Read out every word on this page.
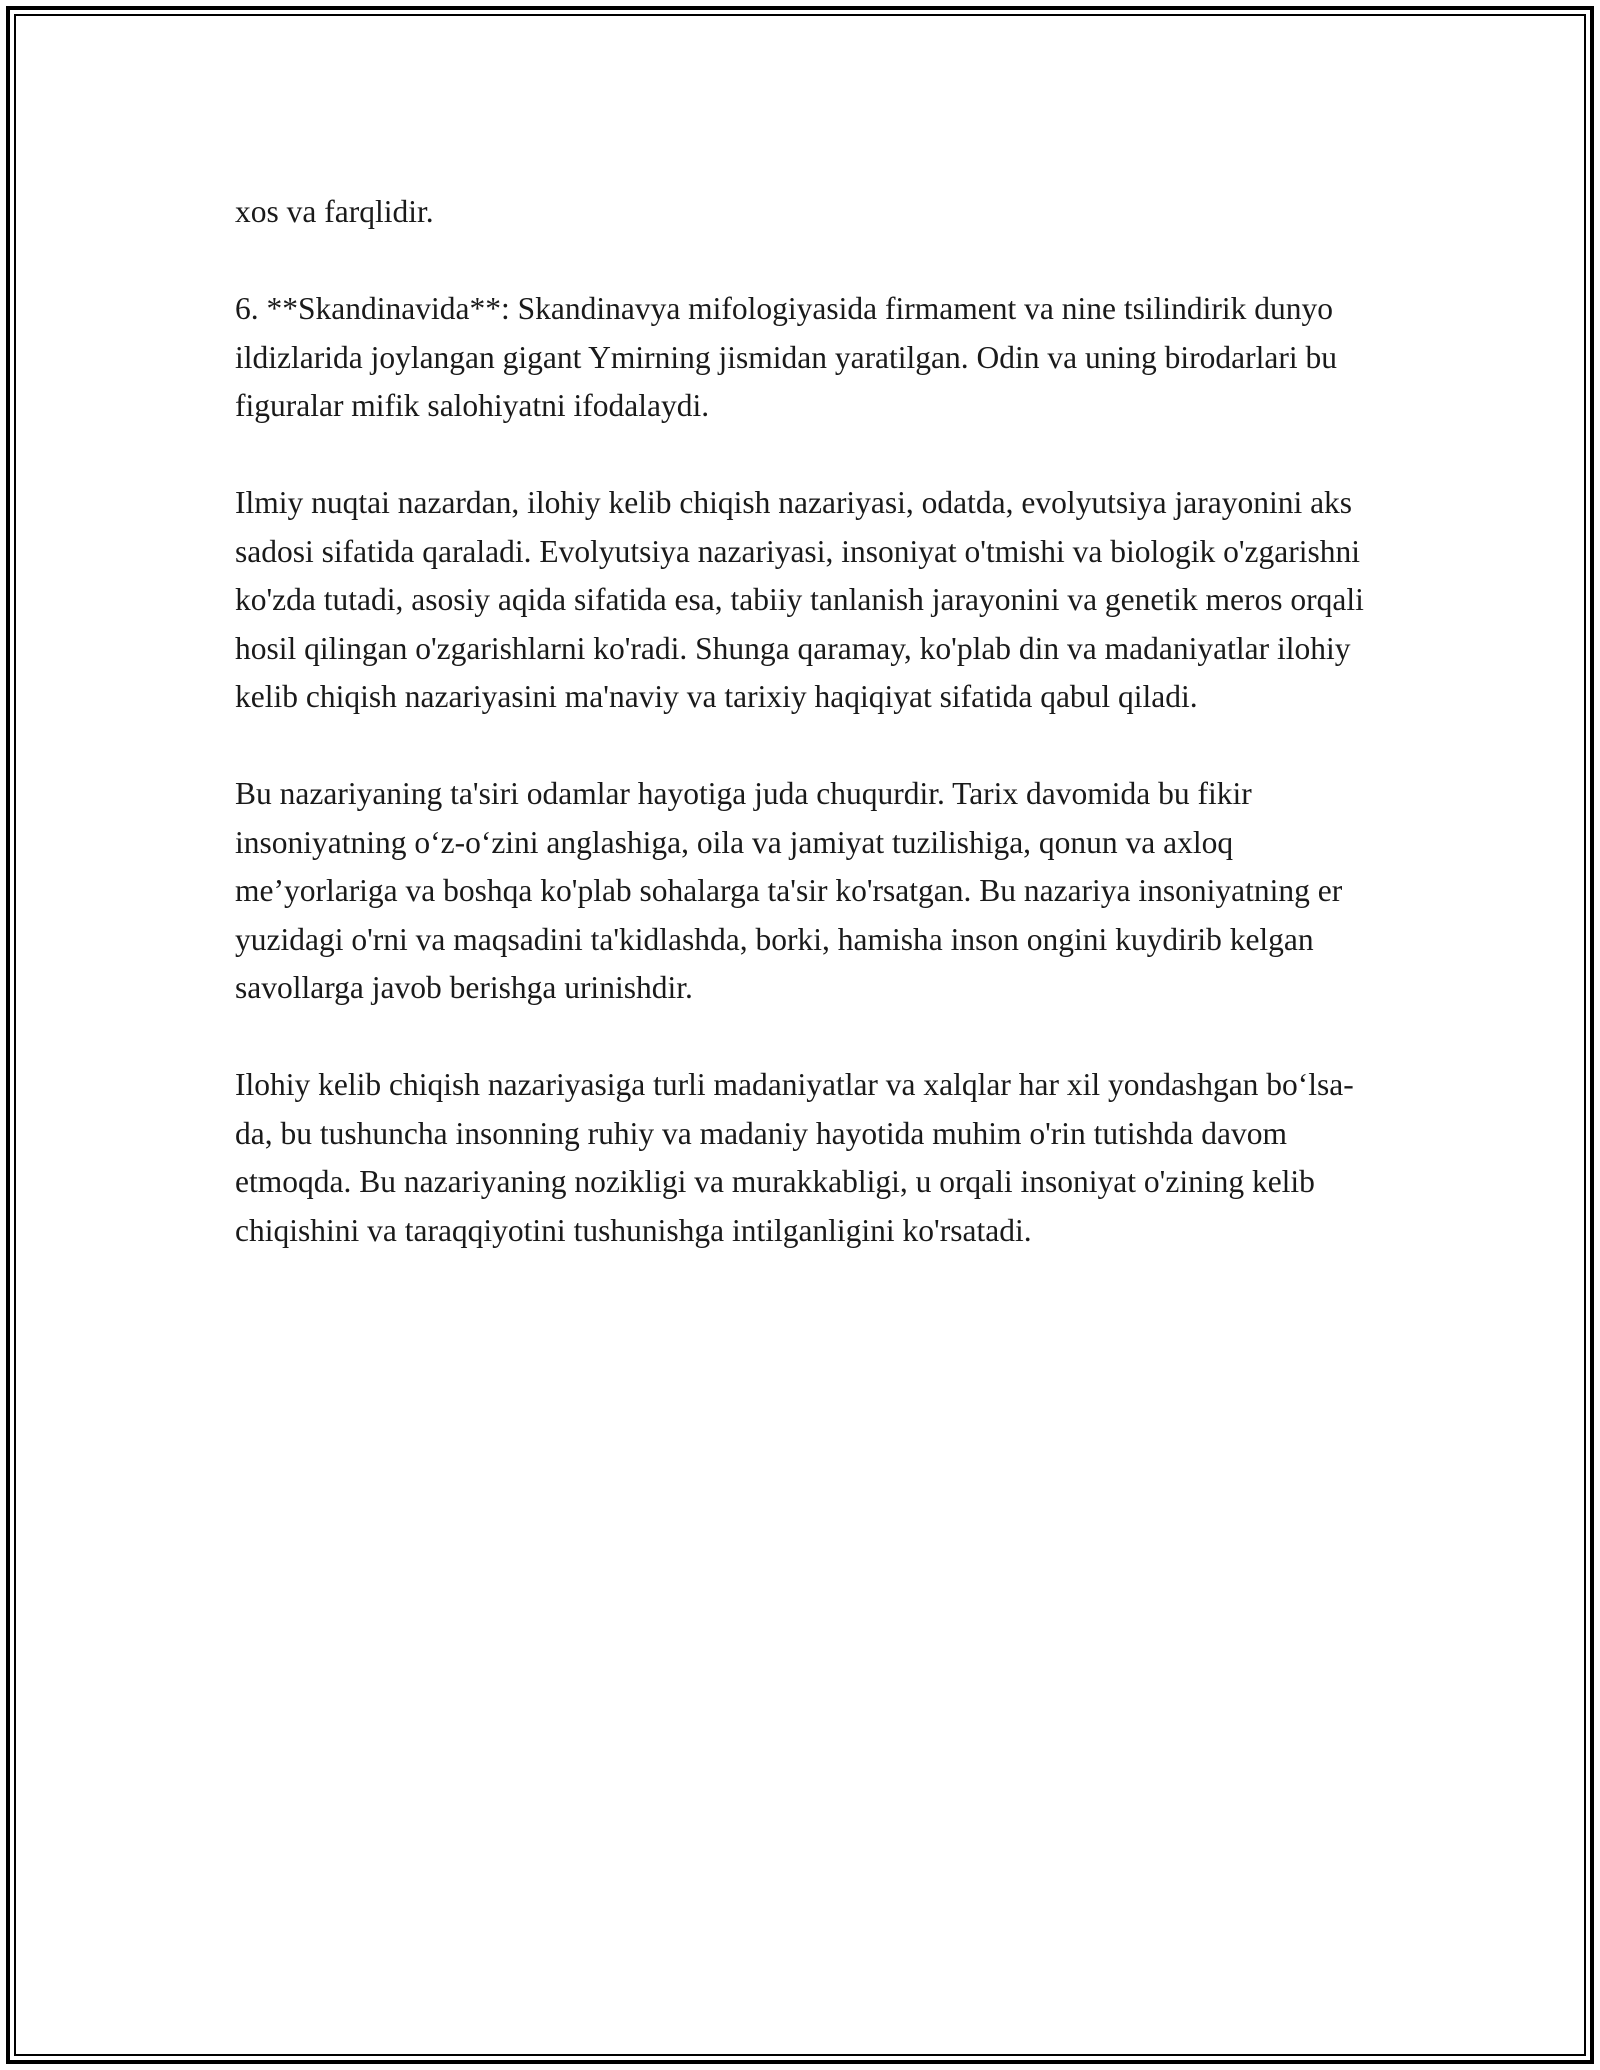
xos va farqlidir.

6. **Skandinavida**: Skandinavya mifologiyasida firmament va nine tsilindirik dunyo ildizlarida joylangan gigant Ymirning jismidan yaratilgan. Odin va uning birodarlari bu figuralar mifik salohiyatni ifodalaydi.

Ilmiy nuqtai nazardan, ilohiy kelib chiqish nazariyasi, odatda, evolyutsiya jarayonini aks sadosi sifatida qaraladi. Evolyutsiya nazariyasi, insoniyat o'tmishi va biologik o'zgarishni ko'zda tutadi, asosiy aqida sifatida esa, tabiiy tanlanish jarayonini va genetik meros orqali hosil qilingan o'zgarishlarni ko'radi. Shunga qaramay, ko'plab din va madaniyatlar ilohiy kelib chiqish nazariyasini ma'naviy va tarixiy haqiqiyat sifatida qabul qiladi.

Bu nazariyaning ta'siri odamlar hayotiga juda chuqurdir. Tarix davomida bu fikir insoniyatning o‘z-o‘zini anglashiga, oila va jamiyat tuzilishiga, qonun va axloq me’yorlariga va boshqa ko'plab sohalarga ta'sir ko'rsatgan. Bu nazariya insoniyatning er yuzidagi o'rni va maqsadini ta'kidlashda, borki, hamisha inson ongini kuydirib kelgan savollarga javob berishga urinishdir.

Ilohiy kelib chiqish nazariyasiga turli madaniyatlar va xalqlar har xil yondashgan bo‘lsa-da, bu tushuncha insonning ruhiy va madaniy hayotida muhim o'rin tutishda davom etmoqda. Bu nazariyaning nozikligi va murakkabligi, u orqali insoniyat o'zining kelib chiqishini va taraqqiyotini tushunishga intilganligini ko'rsatadi.
